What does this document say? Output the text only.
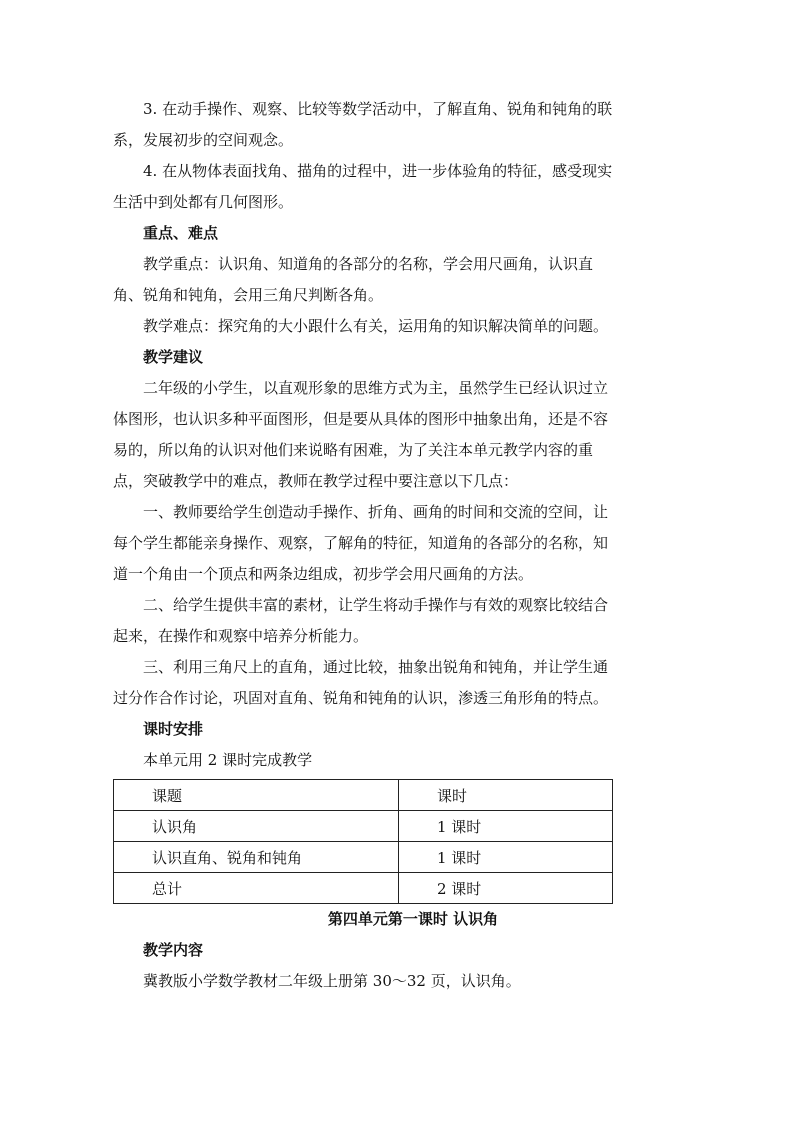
3. 在动手操作、观察、比较等数学活动中，了解直角、锐角和钝角的联系，发展初步的空间观念。

4. 在从物体表面找角、描角的过程中，进一步体验角的特征，感受现实生活中到处都有几何图形。

重点、难点

教学重点：认识角、知道角的各部分的名称，学会用尺画角，认识直角、锐角和钝角，会用三角尺判断各角。

教学难点：探究角的大小跟什么有关，运用角的知识解决简单的问题。

教学建议

二年级的小学生，以直观形象的思维方式为主，虽然学生已经认识过立体图形，也认识多种平面图形，但是要从具体的图形中抽象出角，还是不容易的，所以角的认识对他们来说略有困难，为了关注本单元教学内容的重点，突破教学中的难点，教师在教学过程中要注意以下几点：

一、教师要给学生创造动手操作、折角、画角的时间和交流的空间，让每个学生都能亲身操作、观察，了解角的特征，知道角的各部分的名称，知道一个角由一个顶点和两条边组成，初步学会用尺画角的方法。

二、给学生提供丰富的素材，让学生将动手操作与有效的观察比较结合起来，在操作和观察中培养分析能力。

三、利用三角尺上的直角，通过比较，抽象出锐角和钝角，并让学生通过分作合作讨论，巩固对直角、锐角和钝角的认识，渗透三角形角的特点。

课时安排

本单元用 2 课时完成教学

课题	课时
认识角	1 课时
认识直角、锐角和钝角	1 课时
总计	2 课时

第四单元第一课时 认识角

教学内容

冀教版小学数学教材二年级上册第 30～32 页，认识角。
